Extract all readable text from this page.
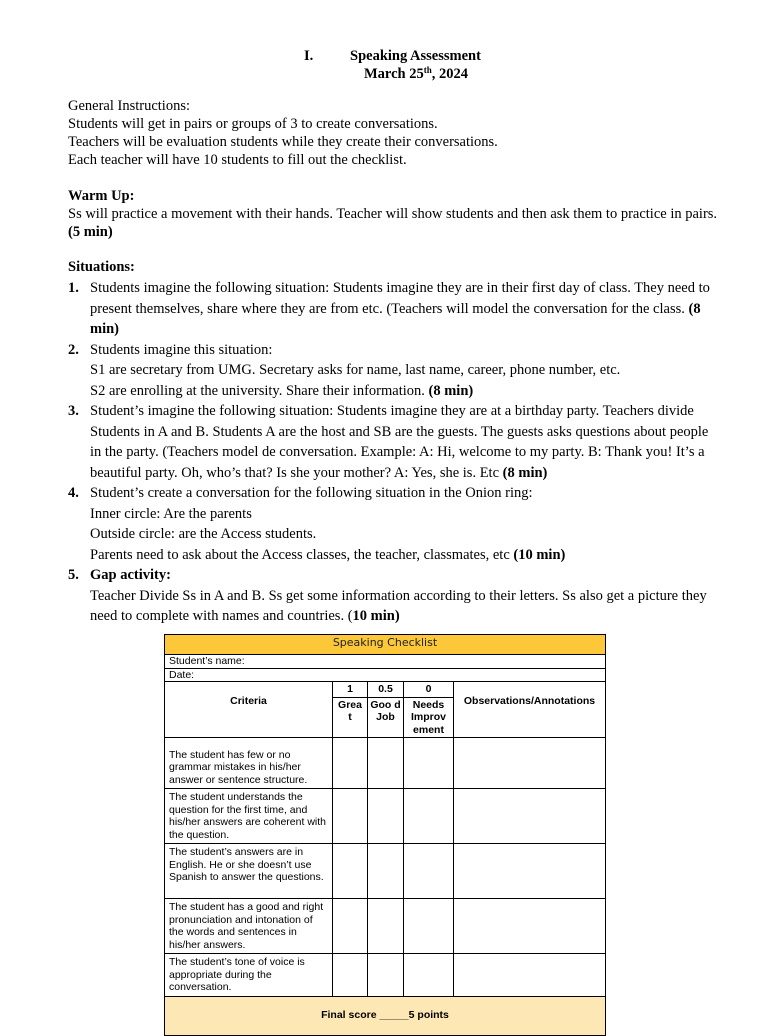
I.	Speaking Assessment
March 25th, 2024
General Instructions:
Students will get in pairs or groups of 3 to create conversations.
Teachers will be evaluation students while they create their conversations.
Each teacher will have 10 students to fill out the checklist.
Warm Up:
Ss will practice a movement with their hands. Teacher will show students and then ask them to practice in pairs. (5 min)
Situations:
1. Students imagine the following situation: Students imagine they are in their first day of class. They need to present themselves, share where they are from etc. (Teachers will model the conversation for the class. (8 min)
2. Students imagine this situation:
S1 are secretary from UMG. Secretary asks for name, last name, career, phone number, etc.
S2 are enrolling at the university. Share their information. (8 min)
3. Student’s imagine the following situation: Students imagine they are at a birthday party. Teachers divide Students in A and B. Students A are the host and SB are the guests. The guests asks questions about people in the party. (Teachers model de conversation. Example: A: Hi, welcome to my party. B: Thank you! It’s a beautiful party. Oh, who’s that? Is she your mother? A: Yes, she is. Etc (8 min)
4. Student’s create a conversation for the following situation in the Onion ring:
Inner circle: Are the parents
Outside circle: are the Access students.
Parents need to ask about the Access classes, the teacher, classmates, etc (10 min)
5. Gap activity:
Teacher Divide Ss in A and B. Ss get some information according to their letters. Ss also get a picture they need to complete with names and countries. (10 min)
Speaking Checklist				
Student’s name:				
Date:				
Criteria	1	0.5	0	Observations/Annotations
	Grea t	Goo d Job	Needs Improv ement	
The student has few or no grammar mistakes in his/her answer or sentence structure.				
The student understands the question for the first time, and his/her answers are coherent with the question.				
The student’s answers are in English. He or she doesn’t use Spanish to answer the questions.				
The student has a good and right pronunciation and intonation of the words and sentences in his/her answers.				
The student’s tone of voice is appropriate during the conversation.				
Final score _____5 points				
